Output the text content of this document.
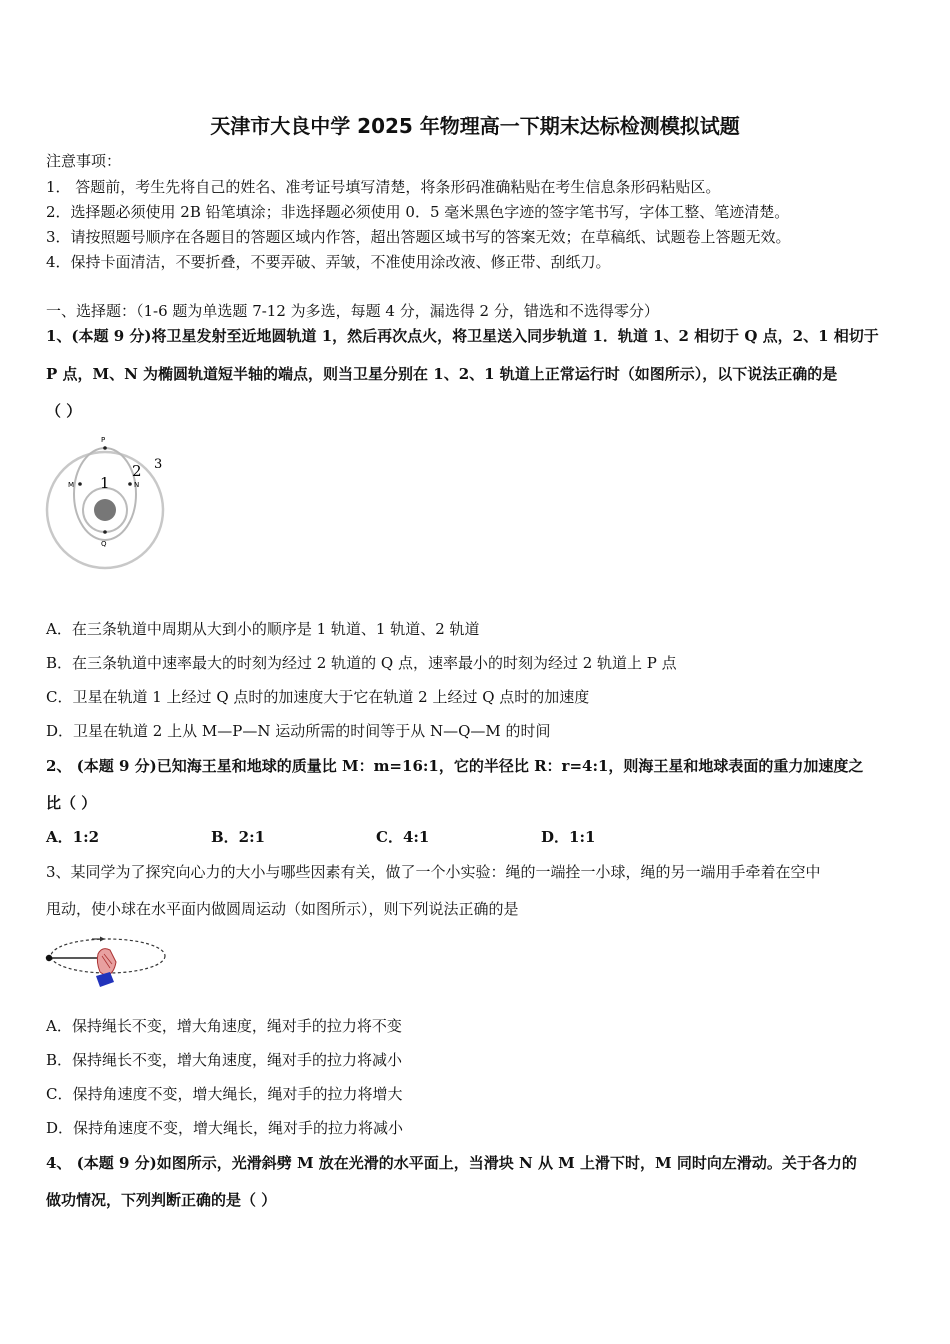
天津市大良中学 2025 年物理高一下期末达标检测模拟试题
注意事项：
1． 答题前，考生先将自己的姓名、准考证号填写清楚，将条形码准确粘贴在考生信息条形码粘贴区。
2．选择题必须使用 2B 铅笔填涂；非选择题必须使用 0．5 毫米黑色字迹的签字笔书写，字体工整、笔迹清楚。
3．请按照题号顺序在各题目的答题区域内作答，超出答题区域书写的答案无效；在草稿纸、试题卷上答题无效。
4．保持卡面清洁，不要折叠，不要弄破、弄皱，不准使用涂改液、修正带、刮纸刀。
一、选择题：（1-6 题为单选题 7-12 为多选，每题 4 分，漏选得 2 分，错选和不选得零分）
1、(本题 9 分)将卫星发射至近地圆轨道 1，然后再次点火，将卫星送入同步轨道 1．轨道 1、2 相切于 Q 点，2、1 相切于
P 点，M、N 为椭圆轨道短半轴的端点，则当卫星分别在 1、2、1 轨道上正常运行时（如图所示），以下说法正确的是
（ ）
P
Q
M	N
1
2 3
A．在三条轨道中周期从大到小的顺序是 1 轨道、1 轨道、2 轨道
B．在三条轨道中速率最大的时刻为经过 2 轨道的 Q 点，速率最小的时刻为经过 2 轨道上 P 点
C．卫星在轨道 1 上经过 Q 点时的加速度大于它在轨道 2 上经过 Q 点时的加速度
D．卫星在轨道 2 上从 M—P—N 运动所需的时间等于从 N—Q—M 的时间
2、 (本题 9 分)已知海王星和地球的质量比 M：m=16:1，它的半径比 R：r=4:1，则海王星和地球表面的重力加速度之
比（ ）
A．1:2	B．2:1	C．4:1	D．1:1
3、某同学为了探究向心力的大小与哪些因素有关，做了一个小实验：绳的一端拴一小球，绳的另一端用手牵着在空中
甩动，使小球在水平面内做圆周运动（如图所示），则下列说法正确的是
A．保持绳长不变，增大角速度，绳对手的拉力将不变
B．保持绳长不变，增大角速度，绳对手的拉力将减小
C．保持角速度不变，增大绳长，绳对手的拉力将增大
D．保持角速度不变，增大绳长，绳对手的拉力将减小
4、 (本题 9 分)如图所示，光滑斜劈 M 放在光滑的水平面上，当滑块 N 从 M 上滑下时，M 同时向左滑动。关于各力的
做功情况，下列判断正确的是（ ）
